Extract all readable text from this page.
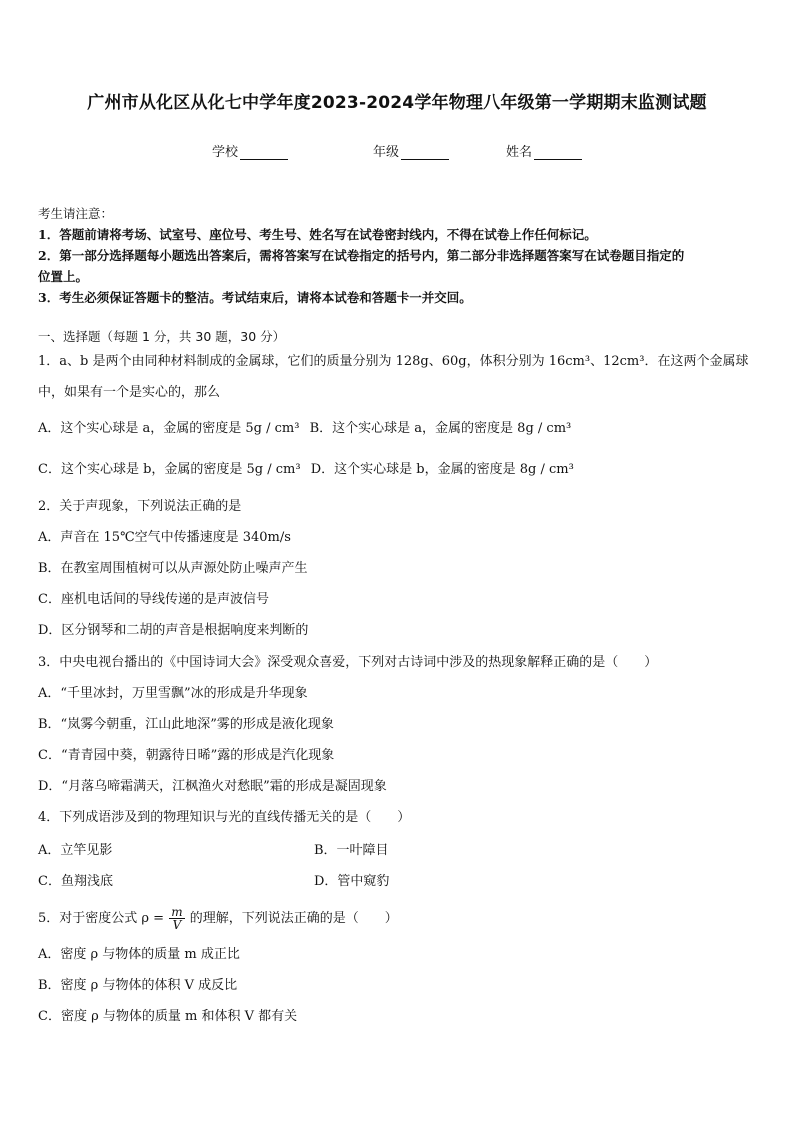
广州市从化区从化七中学年度2023-2024学年物理八年级第一学期期末监测试题
学校	年级	姓名
考生请注意：
1．答题前请将考场、试室号、座位号、考生号、姓名写在试卷密封线内，不得在试卷上作任何标记。
2．第一部分选择题每小题选出答案后，需将答案写在试卷指定的括号内，第二部分非选择题答案写在试卷题目指定的
位置上。
3．考生必须保证答题卡的整洁。考试结束后，请将本试卷和答题卡一并交回。
一、选择题（每题 1 分，共 30 题，30 分）
1．a、b 是两个由同种材料制成的金属球，它们的质量分别为 128g、60g，体积分别为 16cm³、12cm³．在这两个金属球
中，如果有一个是实心的，那么
A．这个实心球是 a，金属的密度是 5g / cm³ B．这个实心球是 a，金属的密度是 8g / cm³
C．这个实心球是 b，金属的密度是 5g / cm³ D．这个实心球是 b，金属的密度是 8g / cm³
2．关于声现象，下列说法正确的是
A．声音在 15℃空气中传播速度是 340m/s
B．在教室周围植树可以从声源处防止噪声产生
C．座机电话间的导线传递的是声波信号
D．区分钢琴和二胡的声音是根据响度来判断的
3．中央电视台播出的《中国诗词大会》深受观众喜爱，下列对古诗词中涉及的热现象解释正确的是（　　）
A．“千里冰封，万里雪飘”冰的形成是升华现象
B．“岚雾今朝重，江山此地深”雾的形成是液化现象
C．“青青园中葵，朝露待日晞”露的形成是汽化现象
D．“月落乌啼霜满天，江枫渔火对愁眠”霜的形成是凝固现象
4．下列成语涉及到的物理知识与光的直线传播无关的是（　　）
A．立竿见影	B．一叶障目
C．鱼翔浅底	D．管中窥豹
5．对于密度公式 $\rho = \frac{m}{V}$ 的理解，下列说法正确的是（　　）
A．密度 ρ 与物体的质量 m 成正比
B．密度 ρ 与物体的体积 V 成反比
C．密度 ρ 与物体的质量 m 和体积 V 都有关
